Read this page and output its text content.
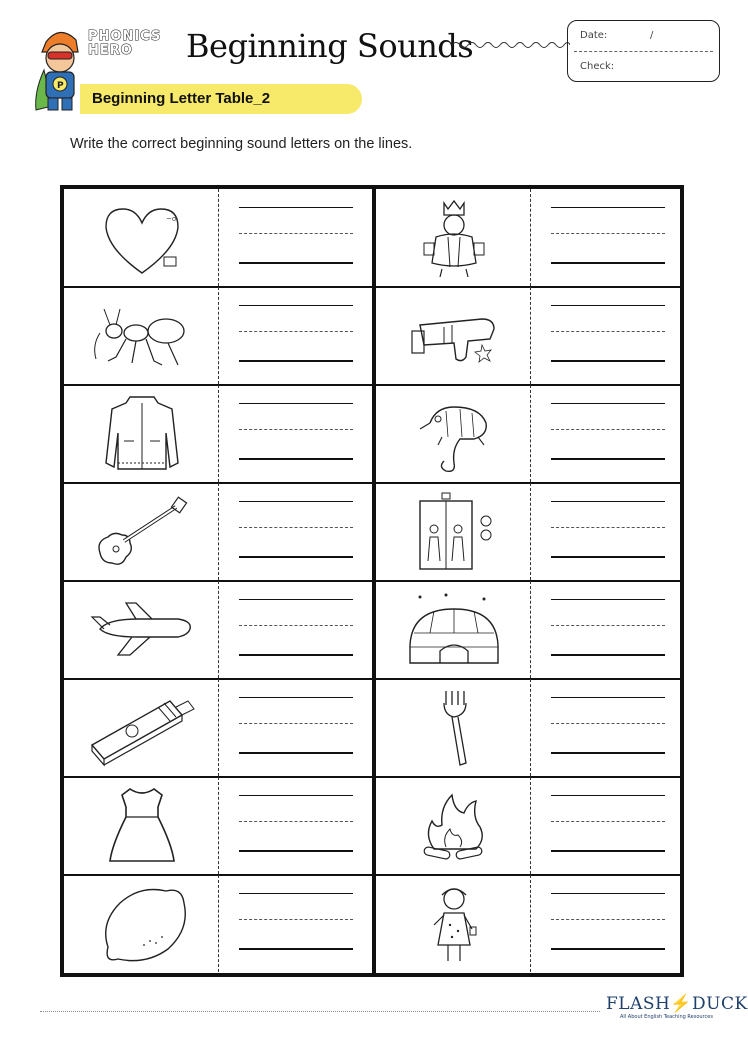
P
PHONICS
HERO	Beginning Sounds	Date:	/
Check:
Beginning Letter Table_2
Write the correct beginning sound letters on the lines.
~o
FLASH⚡DUCK
All About English Teaching Resources
